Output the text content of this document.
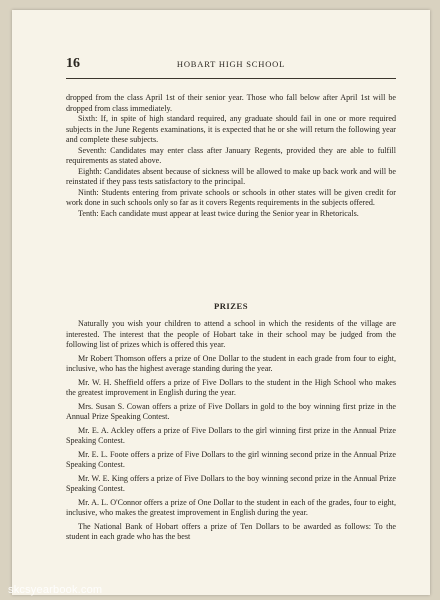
16	HOBART HIGH SCHOOL

dropped from the class April 1st of their senior year. Those who fall below after April 1st will be dropped from class immediately.

Sixth: If, in spite of high standard required, any graduate should fail in one or more required subjects in the June Regents examinations, it is expected that he or she will return the following year and complete these subjects.

Seventh: Candidates may enter class after January Regents, provided they are able to fulfill requirements as stated above.

Eighth: Candidates absent because of sickness will be allowed to make up back work and will be reinstated if they pass tests satisfactory to the principal.

Ninth: Students entering from private schools or schools in other states will be given credit for work done in such schools only so far as it covers Regents requirements in the subjects offered.

Tenth: Each candidate must appear at least twice during the Senior year in Rhetoricals.

PRIZES

Naturally you wish your children to attend a school in which the residents of the village are interested. The interest that the people of Hobart take in their school may be judged from the following list of prizes which is offered this year.

Mr Robert Thomson offers a prize of One Dollar to the student in each grade from four to eight, inclusive, who has the highest average standing during the year.

Mr. W. H. Sheffield offers a prize of Five Dollars to the student in the High School who makes the greatest improvement in English during the year.

Mrs. Susan S. Cowan offers a prize of Five Dollars in gold to the boy winning first prize in the Annual Prize Speaking Contest.

Mr. E. A. Ackley offers a prize of Five Dollars to the girl winning first prize in the Annual Prize Speaking Contest.

Mr. E. L. Foote offers a prize of Five Dollars to the girl winning second prize in the Annual Prize Speaking Contest.

Mr. W. E. King offers a prize of Five Dollars to the boy winning second prize in the Annual Prize Speaking Contest.

Mr. A. L. O'Connor offers a prize of One Dollar to the student in each of the grades, four to eight, inclusive, who makes the greatest improvement in English during the year.

The National Bank of Hobart offers a prize of Ten Dollars to be awarded as follows: To the student in each grade who has the best

skcsyearbook.com
